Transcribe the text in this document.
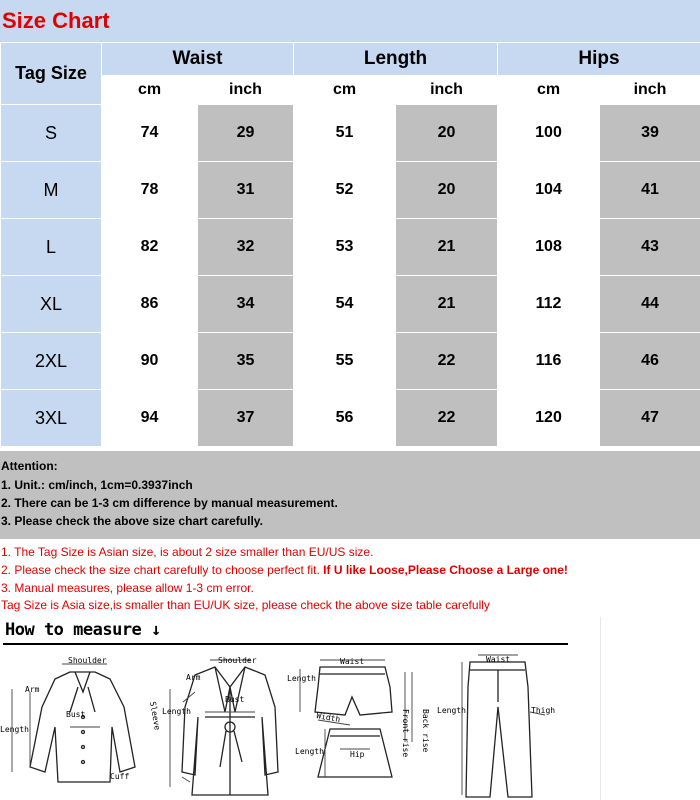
Size Chart
Tag Size	Waist		Length		Hips	
	cm	inch	cm	inch	cm	inch
S	74	29	51	20	100	39
M	78	31	52	20	104	41
L	82	32	53	21	108	43
XL	86	34	54	21	112	44
2XL	90	35	55	22	116	46
3XL	94	37	56	22	120	47
Attention:
1. Unit.: cm/inch, 1cm=0.3937inch
2. There can be 1-3 cm difference by manual measurement.
3. Please check the above size chart carefully.
1. The Tag Size is Asian size, is about 2 size smaller than EU/US size.
2. Please check the size chart carefully to choose perfect fit. If U like Loose,Please Choose a Large one!
3. Manual measures, please allow 1-3 cm error.
Tag Size is Asia size,is smaller than EU/UK size, please check the above size table carefully
How to measure ↓
Shoulder
Arm
Bust
Length
Cuff
Sleeve
Shoulder
Arm
Bust
Length
Waist
Length
Width	Front rise Back rise
Length	Hip
Waist
Length	Thigh
